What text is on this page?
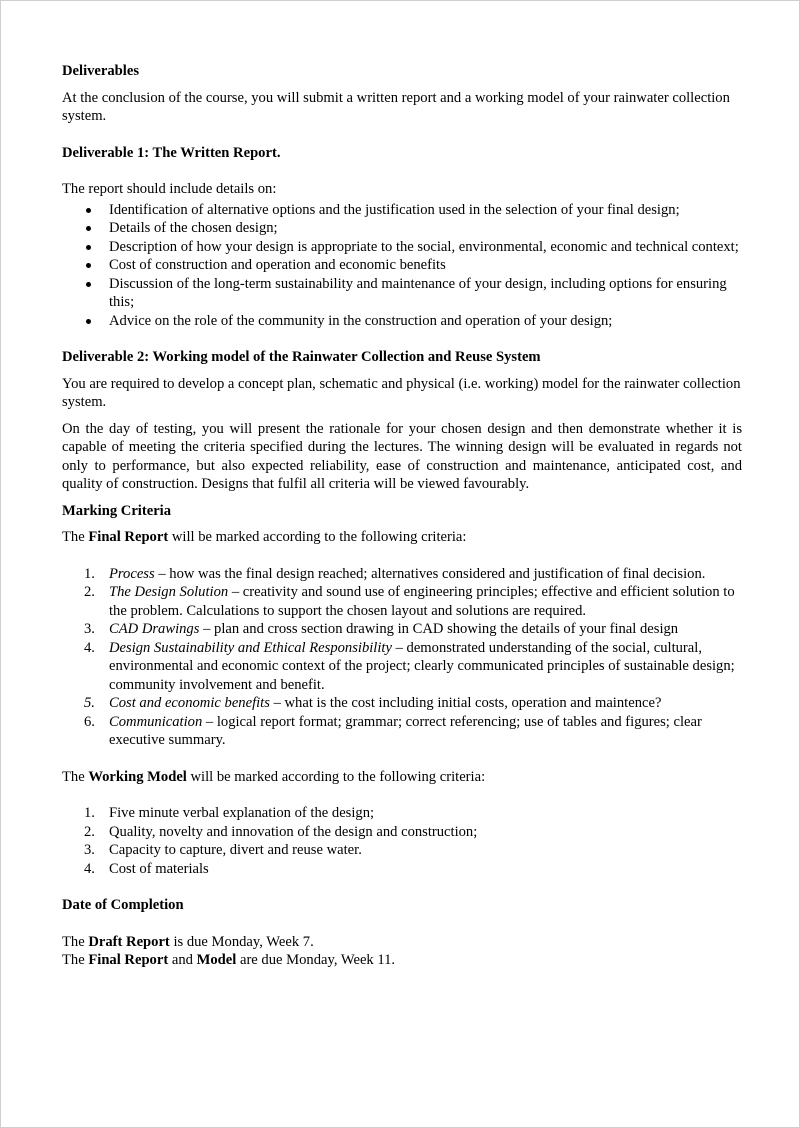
Deliverables

At the conclusion of the course, you will submit a written report and a working model of your rainwater collection system.

Deliverable 1: The Written Report.

The report should include details on:

Identification of alternative options and the justification used in the selection of your final design;
Details of the chosen design;
Description of how your design is appropriate to the social, environmental, economic and technical context;
Cost of construction and operation and economic benefits
Discussion of the long-term sustainability and maintenance of your design, including options for ensuring this;
Advice on the role of the community in the construction and operation of your design;

Deliverable 2: Working model of the Rainwater Collection and Reuse System

You are required to develop a concept plan, schematic and physical (i.e. working) model for the rainwater collection system.

On the day of testing, you will present the rationale for your chosen design and then demonstrate whether it is capable of meeting the criteria specified during the lectures. The winning design will be evaluated in regards not only to performance, but also expected reliability, ease of construction and maintenance, anticipated cost, and quality of construction. Designs that fulfil all criteria will be viewed favourably.

Marking Criteria

The Final Report will be marked according to the following criteria:

1. Process – how was the final design reached; alternatives considered and justification of final decision.
2. The Design Solution – creativity and sound use of engineering principles; effective and efficient solution to the problem. Calculations to support the chosen layout and solutions are required.
3. CAD Drawings – plan and cross section drawing in CAD showing the details of your final design
4. Design Sustainability and Ethical Responsibility – demonstrated understanding of the social, cultural, environmental and economic context of the project; clearly communicated principles of sustainable design; community involvement and benefit.
5. Cost and economic benefits – what is the cost including initial costs, operation and maintence?
6. Communication – logical report format; grammar; correct referencing; use of tables and figures; clear executive summary.

The Working Model will be marked according to the following criteria:

1. Five minute verbal explanation of the design;
2. Quality, novelty and innovation of the design and construction;
3. Capacity to capture, divert and reuse water.
4. Cost of materials

Date of Completion

The Draft Report is due Monday, Week 7.

The Final Report and Model are due Monday, Week 11.
